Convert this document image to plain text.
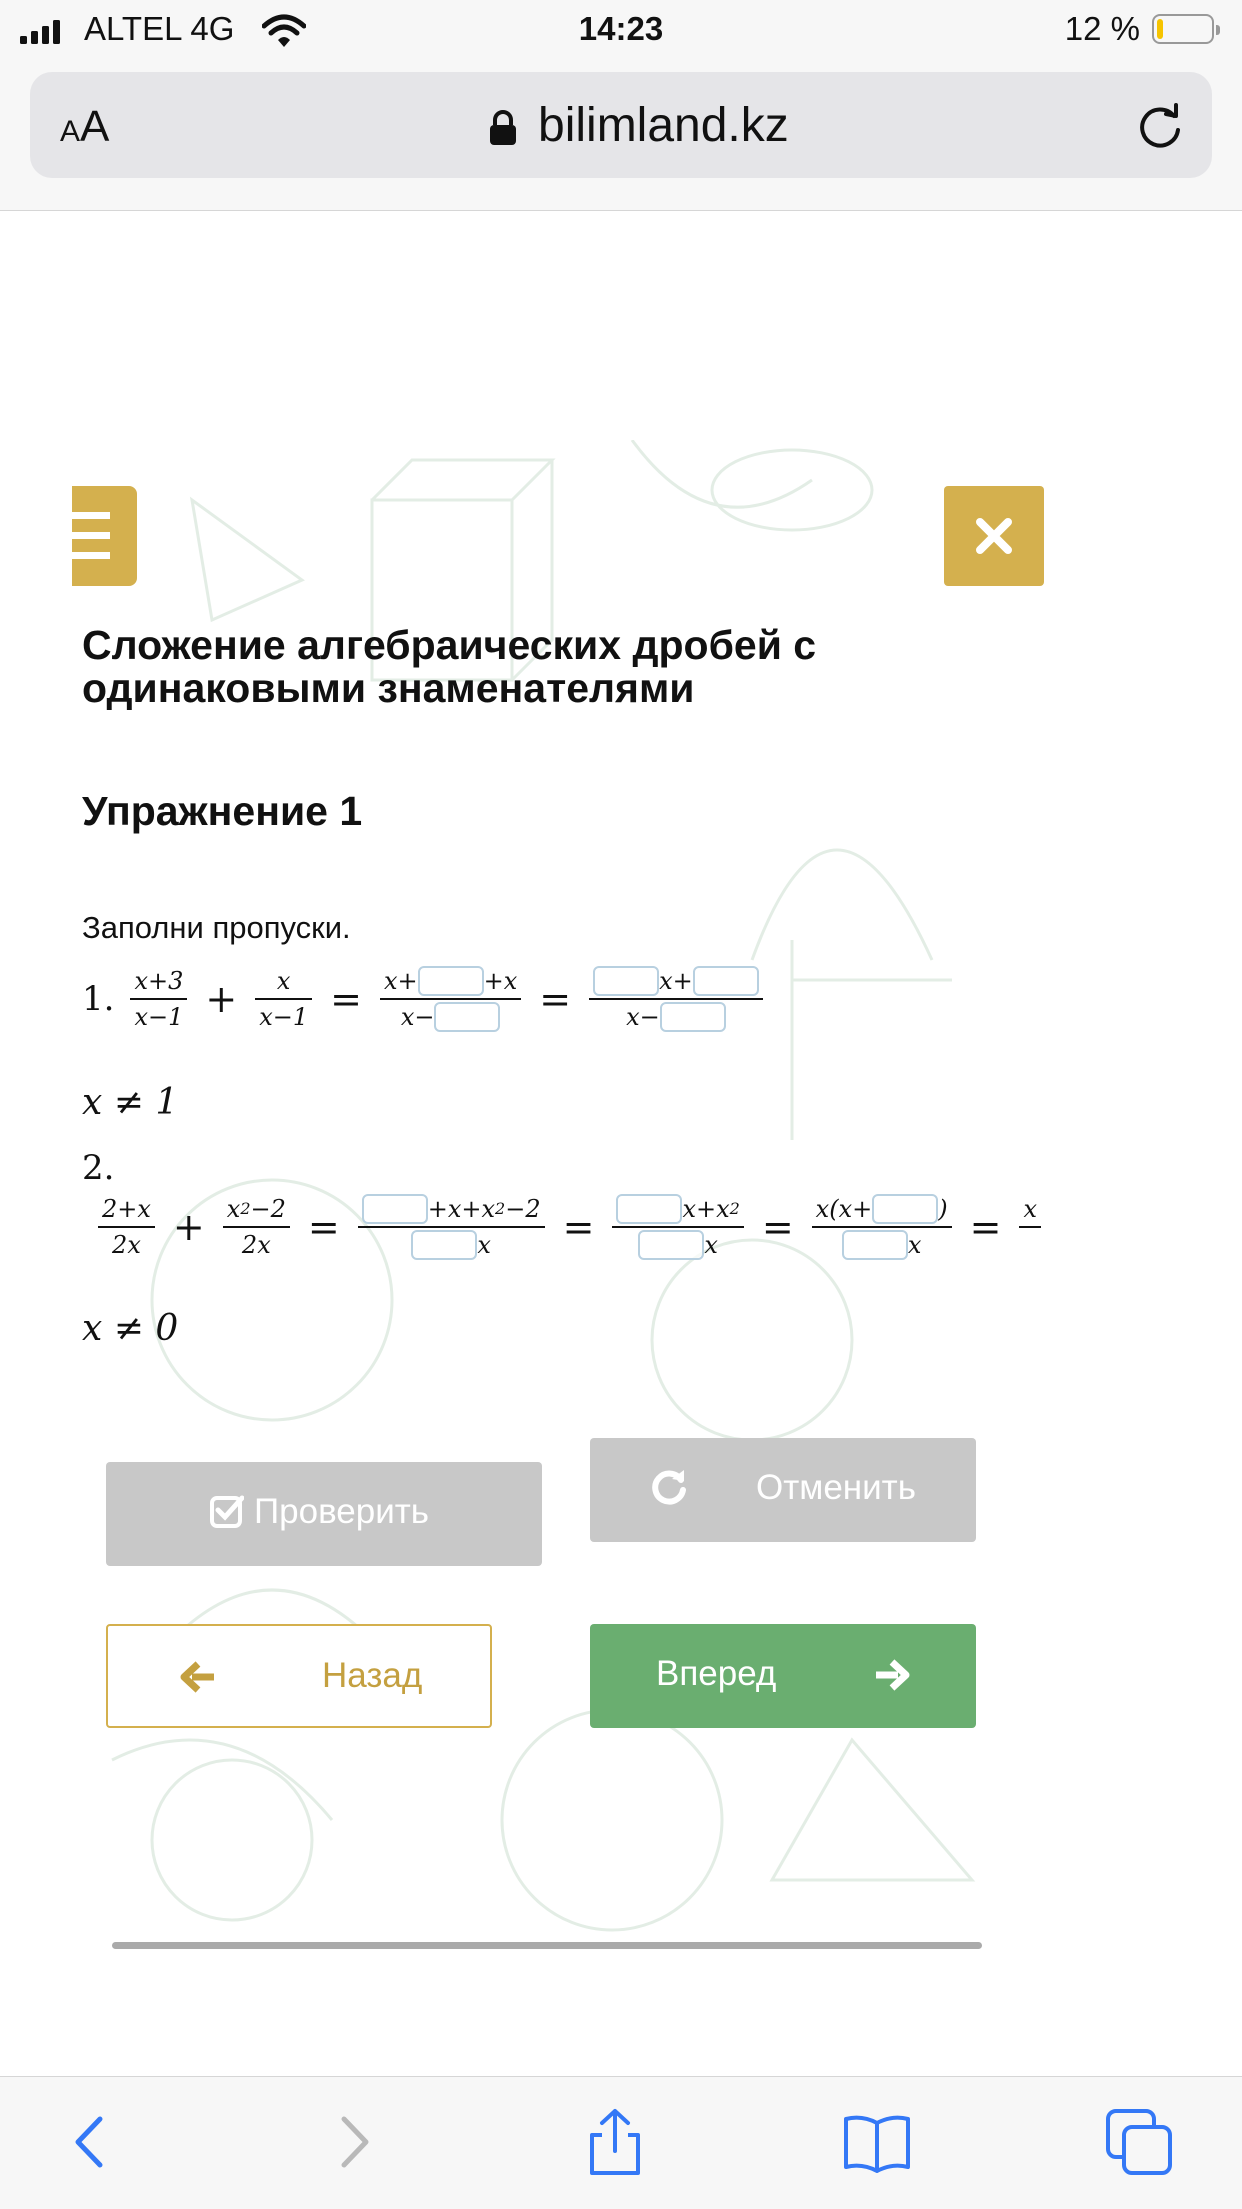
ALTEL 4G	14:23	12 %
AA	bilimland.kz
Сложение алгебраических дробей с одинаковыми знаменателями
Упражнение 1
Заполни пропуски.
1. $\frac{x+3}{x-1} + \frac{x}{x-1} = x+$	+x
$x- = \frac{x+}{x-}$
x ≠ 1
2.
$\frac{2+x}{2x} + \frac{x 2 -2}{2x} = \frac{+x+x 2 -2}{x} = \frac{x+x 2}{x} = x(x+$	)
x = x

x ≠ 0
Проверить
Отменить
Назад	Вперед
